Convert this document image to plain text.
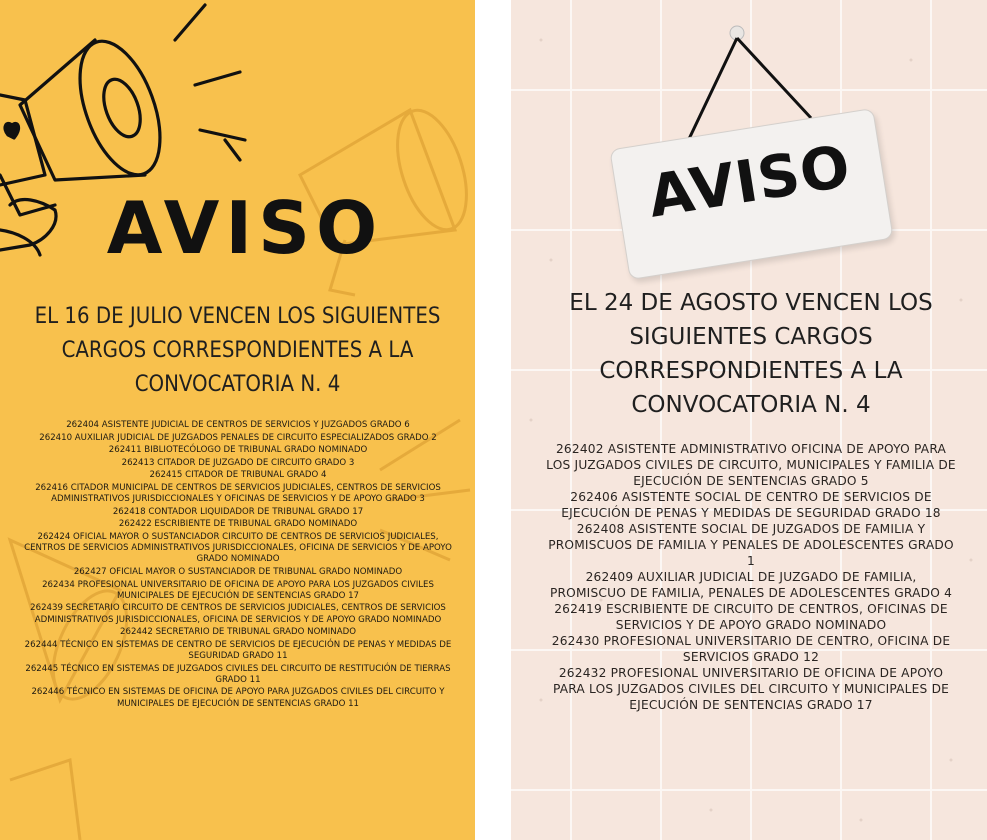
AVISO
EL 16 DE JULIO VENCEN LOS SIGUIENTES
CARGOS CORRESPONDIENTES A LA
CONVOCATORIA N. 4

262404 ASISTENTE JUDICIAL DE CENTROS DE SERVICIOS Y JUZGADOS GRADO 6

262410 AUXILIAR JUDICIAL DE JUZGADOS PENALES DE CIRCUITO ESPECIALIZADOS GRADO 2

262411 BIBLIOTECÓLOGO DE TRIBUNAL GRADO NOMINADO

262413 CITADOR DE JUZGADO DE CIRCUITO GRADO 3

262415 CITADOR DE TRIBUNAL GRADO 4

262416 CITADOR MUNICIPAL DE CENTROS DE SERVICIOS JUDICIALES, CENTROS DE SERVICIOS ADMINISTRATIVOS JURISDICCIONALES Y OFICINAS DE SERVICIOS Y DE APOYO GRADO 3

262418 CONTADOR LIQUIDADOR DE TRIBUNAL GRADO 17

262422 ESCRIBIENTE DE TRIBUNAL GRADO NOMINADO

262424 OFICIAL MAYOR O SUSTANCIADOR CIRCUITO DE CENTROS DE SERVICIOS JUDICIALES, CENTROS DE SERVICIOS ADMINISTRATIVOS JURISDICCIONALES, OFICINA DE SERVICIOS Y DE APOYO GRADO NOMINADO

262427 OFICIAL MAYOR O SUSTANCIADOR DE TRIBUNAL GRADO NOMINADO

262434 PROFESIONAL UNIVERSITARIO DE OFICINA DE APOYO PARA LOS JUZGADOS CIVILES MUNICIPALES DE EJECUCIÓN DE SENTENCIAS GRADO 17

262439 SECRETARIO CIRCUITO DE CENTROS DE SERVICIOS JUDICIALES, CENTROS DE SERVICIOS ADMINISTRATIVOS JURISDICCIONALES, OFICINA DE SERVICIOS Y DE APOYO GRADO NOMINADO

262442 SECRETARIO DE TRIBUNAL GRADO NOMINADO

262444 TÉCNICO EN SISTEMAS DE CENTRO DE SERVICIOS DE EJECUCIÓN DE PENAS Y MEDIDAS DE SEGURIDAD GRADO 11

262445 TÉCNICO EN SISTEMAS DE JUZGADOS CIVILES DEL CIRCUITO DE RESTITUCIÓN DE TIERRAS GRADO 11

262446 TÉCNICO EN SISTEMAS DE OFICINA DE APOYO PARA JUZGADOS CIVILES DEL CIRCUITO Y MUNICIPALES DE EJECUCIÓN DE SENTENCIAS GRADO 11

AVISO
EL 24 DE AGOSTO VENCEN LOS
SIGUIENTES CARGOS
CORRESPONDIENTES A LA
CONVOCATORIA N. 4

262402 ASISTENTE ADMINISTRATIVO OFICINA DE APOYO PARA LOS JUZGADOS CIVILES DE CIRCUITO, MUNICIPALES Y FAMILIA DE EJECUCIÓN DE SENTENCIAS GRADO 5

262406 ASISTENTE SOCIAL DE CENTRO DE SERVICIOS DE EJECUCIÓN DE PENAS Y MEDIDAS DE SEGURIDAD GRADO 18

262408 ASISTENTE SOCIAL DE JUZGADOS DE FAMILIA Y PROMISCUOS DE FAMILIA Y PENALES DE ADOLESCENTES GRADO 1

262409 AUXILIAR JUDICIAL DE JUZGADO DE FAMILIA, PROMISCUO DE FAMILIA, PENALES DE ADOLESCENTES GRADO 4

262419 ESCRIBIENTE DE CIRCUITO DE CENTROS, OFICINAS DE SERVICIOS Y DE APOYO GRADO NOMINADO

262430 PROFESIONAL UNIVERSITARIO DE CENTRO, OFICINA DE SERVICIOS GRADO 12

262432 PROFESIONAL UNIVERSITARIO DE OFICINA DE APOYO PARA LOS JUZGADOS CIVILES DEL CIRCUITO Y MUNICIPALES DE EJECUCIÓN DE SENTENCIAS GRADO 17
